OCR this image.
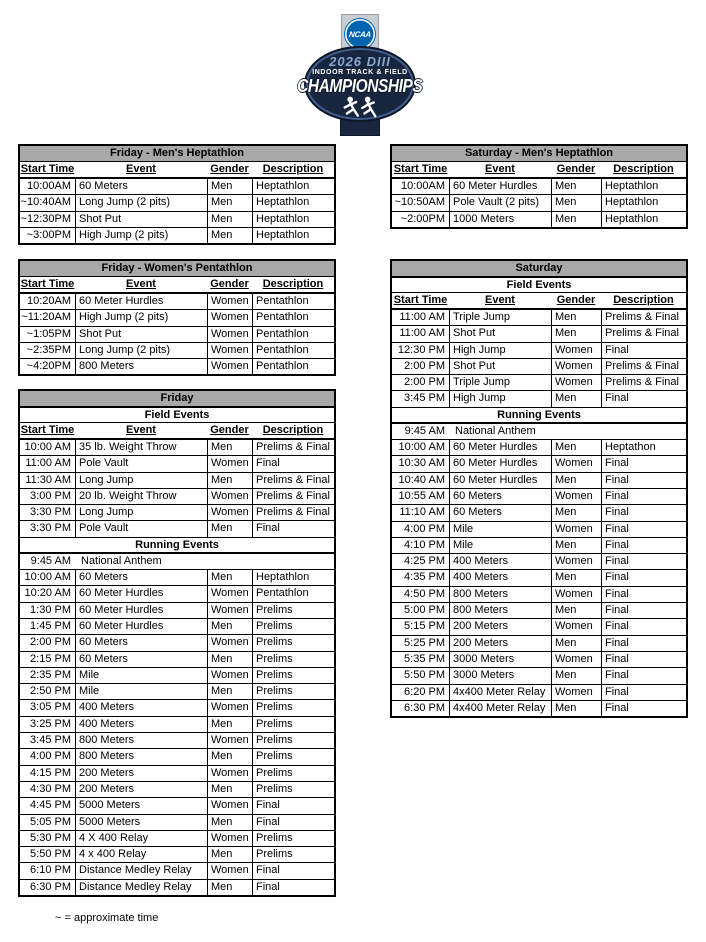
NCAA
2026 DIII
INDOOR TRACK & FIELD
CHAMPIONSHIPS
Friday - Men's Heptathlon
Start Time	Event	Gender	Description
10:00AM 60 Meters	Men	Heptathlon
~10:40AM Long Jump (2 pits)	Men	Heptathlon
~12:30PM Shot Put	Men	Heptathlon
~3:00PM High Jump (2 pits)	Men	Heptathlon
Friday - Women's Pentathlon
Start Time	Event	Gender	Description
10:20AM 60 Meter Hurdles	Women Pentathlon
~11:20AM High Jump (2 pits)	Women Pentathlon
~1:05PM Shot Put	Women Pentathlon
~2:35PM Long Jump (2 pits)	Women Pentathlon
~4:20PM 800 Meters	Women Pentathlon
Friday
Field Events
Start Time	Event	Gender	Description
10:00 AM 35 lb. Weight Throw	Men	Prelims & Final
11:00 AM Pole Vault	Women Final
11:30 AM Long Jump	Men	Prelims & Final
3:00 PM 20 lb. Weight Throw	Women Prelims & Final
3:30 PM Long Jump	Women Prelims & Final
3:30 PM Pole Vault	Men	Final
Running Events
9:45 AM National Anthem
10:00 AM 60 Meters	Men	Heptathlon
10:20 AM 60 Meter Hurdles	Women Pentathlon
1:30 PM 60 Meter Hurdles	Women Prelims
1:45 PM 60 Meter Hurdles	Men	Prelims
2:00 PM 60 Meters	Women Prelims
2:15 PM 60 Meters	Men	Prelims
2:35 PM Mile	Women Prelims
2:50 PM Mile	Men	Prelims
3:05 PM 400 Meters	Women Prelims
3:25 PM 400 Meters	Men	Prelims
3:45 PM 800 Meters	Women Prelims
4:00 PM 800 Meters	Men	Prelims
4:15 PM 200 Meters	Women Prelims
4:30 PM 200 Meters	Men	Prelims
4:45 PM 5000 Meters	Women Final
5:05 PM 5000 Meters	Men	Final
5:30 PM 4 X 400 Relay	Women Prelims
5:50 PM 4 x 400 Relay	Men	Prelims
6:10 PM Distance Medley Relay	Women Final
6:30 PM Distance Medley Relay	Men	Final
Saturday - Men's Heptathlon
Start Time	Event	Gender	Description
10:00AM 60 Meter Hurdles	Men	Heptathlon
~10:50AM Pole Vault (2 pits)	Men	Heptathlon
~2:00PM 1000 Meters	Men	Heptathlon
Saturday
Field Events
Start Time	Event	Gender	Description
11:00 AM Triple Jump	Men	Prelims & Final
11:00 AM Shot Put	Men	Prelims & Final
12:30 PM High Jump	Women	Final
2:00 PM Shot Put	Women	Prelims & Final
2:00 PM Triple Jump	Women	Prelims & Final
3:45 PM High Jump	Men	Final
Running Events
9:45 AM National Anthem
10:00 AM 60 Meter Hurdles	Men	Heptathon
10:30 AM 60 Meter Hurdles	Women	Final
10:40 AM 60 Meter Hurdles	Men	Final
10:55 AM 60 Meters	Women	Final
11:10 AM 60 Meters	Men	Final
4:00 PM Mile	Women	Final
4:10 PM Mile	Men	Final
4:25 PM 400 Meters	Women	Final
4:35 PM 400 Meters	Men	Final
4:50 PM 800 Meters	Women	Final
5:00 PM 800 Meters	Men	Final
5:15 PM 200 Meters	Women	Final
5:25 PM 200 Meters	Men	Final
5:35 PM 3000 Meters	Women	Final
5:50 PM 3000 Meters	Men	Final
6:20 PM 4x400 Meter Relay Women	Final
6:30 PM 4x400 Meter Relay Men	Final
~ = approximate time
